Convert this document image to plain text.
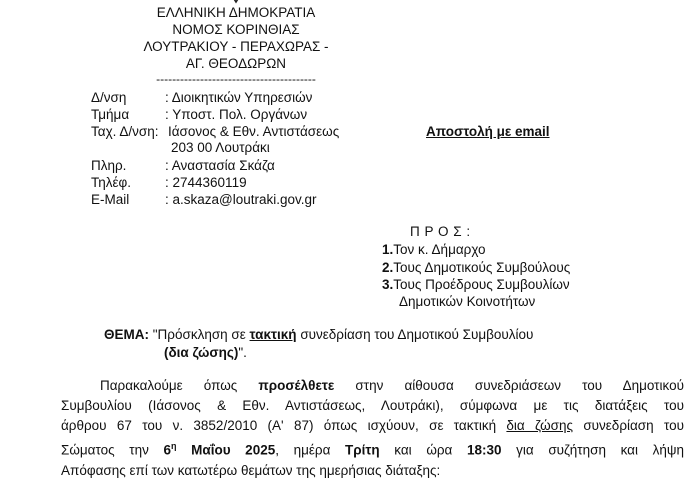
ΕΛΛΗΝΙΚΗ ΔΗΜΟΚΡΑΤΙΑ
ΝΟΜΟΣ ΚΟΡΙΝΘΙΑΣ
ΛΟΥΤΡΑΚΙΟΥ - ΠΕΡΑΧΩΡΑΣ -
ΑΓ. ΘΕΟΔΩΡΩΝ
----------------------------------------
Δ/νση	: Διοικητικών Υπηρεσιών
Τμήμα	: Υποστ. Πολ. Οργάνων
Ταχ. Δ/νση: Ιάσονος & Εθν. Αντιστάσεως
203 00 Λουτράκι
Πληρ.	: Αναστασία Σκάζα
Τηλέφ.	: 2744360119
E-Mail	: a.skaza@loutraki.gov.gr
Αποστολή με email
Π Ρ Ο Σ :
1.Τον κ. Δήμαρχο
2.Τους Δημοτικούς Συμβούλους
3.Τους Προέδρους Συμβουλίων
Δημοτικών Κοινοτήτων
ΘΕΜΑ: "Πρόσκληση σε τακτική συνεδρίαση του Δημοτικού Συμβουλίου
(δια ζώσης)".
Παρακαλούμε όπως προσέλθετε στην αίθουσα συνεδριάσεων του Δημοτικού
Συμβουλίου (Ιάσονος & Εθν. Αντιστάσεως, Λουτράκι), σύμφωνα με τις διατάξεις του
άρθρου 67 του ν. 3852/2010 (Α' 87) όπως ισχύουν, σε τακτική δια ζώσης συνεδρίαση του
Σώματος την $6^\eta$ Μαΐου 2025, ημέρα Τρίτη και ώρα 18:30 για συζήτηση και λήψη
Απόφασης επί των κατωτέρω θεμάτων της ημερήσιας διάταξης:
